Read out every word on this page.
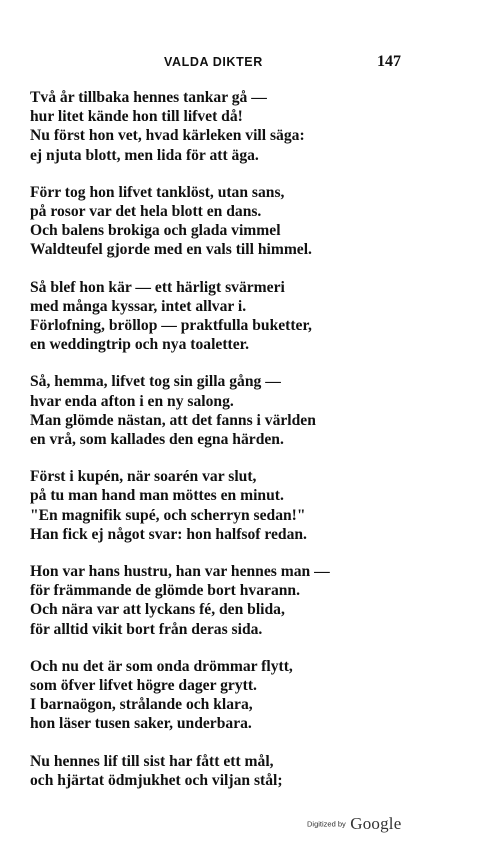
VALDA DIKTER	147
Två år tillbaka hennes tankar gå —
hur litet kände hon till lifvet då!
Nu först hon vet, hvad kärleken vill säga:
ej njuta blott, men lida för att äga.
Förr tog hon lifvet tanklöst, utan sans,
på rosor var det hela blott en dans.
Och balens brokiga och glada vimmel
Waldteufel gjorde med en vals till himmel.
Så blef hon kär — ett härligt svärmeri
med många kyssar, intet allvar i.
Förlofning, bröllop — praktfulla buketter,
en weddingtrip och nya toaletter.
Så, hemma, lifvet tog sin gilla gång —
hvar enda afton i en ny salong.
Man glömde nästan, att det fanns i världen
en vrå, som kallades den egna härden.
Först i kupén, när soarén var slut,
på tu man hand man möttes en minut.
"En magnifik supé, och scherryn sedan!"
Han fick ej något svar: hon halfsof redan.
Hon var hans hustru, han var hennes man —
för främmande de glömde bort hvarann.
Och nära var att lyckans fé, den blida,
för alltid vikit bort från deras sida.
Och nu det är som onda drömmar flytt,
som öfver lifvet högre dager grytt.
I barnaögon, strålande och klara,
hon läser tusen saker, underbara.
Nu hennes lif till sist har fått ett mål,
och hjärtat ödmjukhet och viljan stål;
Digitized by Google
